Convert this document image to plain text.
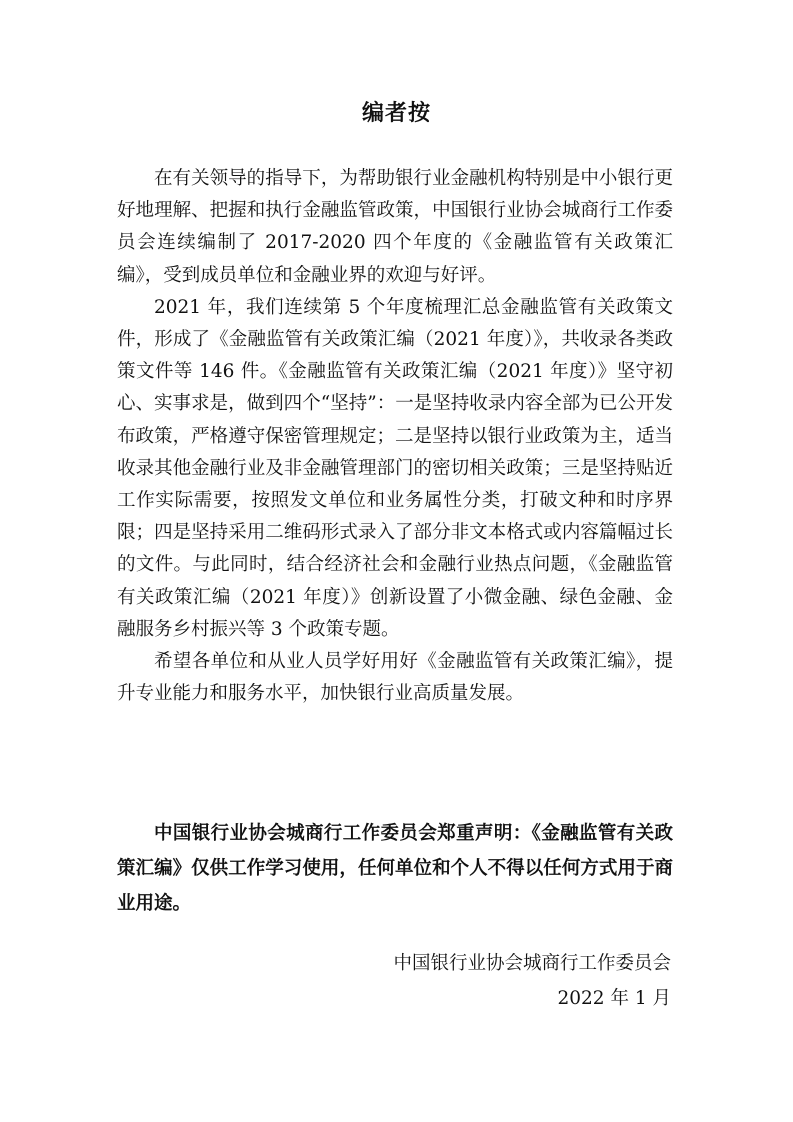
编者按

在有关领导的指导下，为帮助银行业金融机构特别是中小银行更好地理解、把握和执行金融监管政策，中国银行业协会城商行工作委员会连续编制了 2017-2020 四个年度的《金融监管有关政策汇编》，受到成员单位和金融业界的欢迎与好评。

2021 年，我们连续第 5 个年度梳理汇总金融监管有关政策文件，形成了《金融监管有关政策汇编（2021 年度）》，共收录各类政策文件等 146 件。《金融监管有关政策汇编（2021 年度）》坚守初心、实事求是，做到四个“坚持”：一是坚持收录内容全部为已公开发布政策，严格遵守保密管理规定；二是坚持以银行业政策为主，适当收录其他金融行业及非金融管理部门的密切相关政策；三是坚持贴近工作实际需要，按照发文单位和业务属性分类，打破文种和时序界限；四是坚持采用二维码形式录入了部分非文本格式或内容篇幅过长的文件。与此同时，结合经济社会和金融行业热点问题，《金融监管有关政策汇编（2021 年度）》创新设置了小微金融、绿色金融、金融服务乡村振兴等 3 个政策专题。

希望各单位和从业人员学好用好《金融监管有关政策汇编》，提升专业能力和服务水平，加快银行业高质量发展。

中国银行业协会城商行工作委员会郑重声明：《金融监管有关政策汇编》仅供工作学习使用，任何单位和个人不得以任何方式用于商业用途。

中国银行业协会城商行工作委员会
2022 年 1 月
